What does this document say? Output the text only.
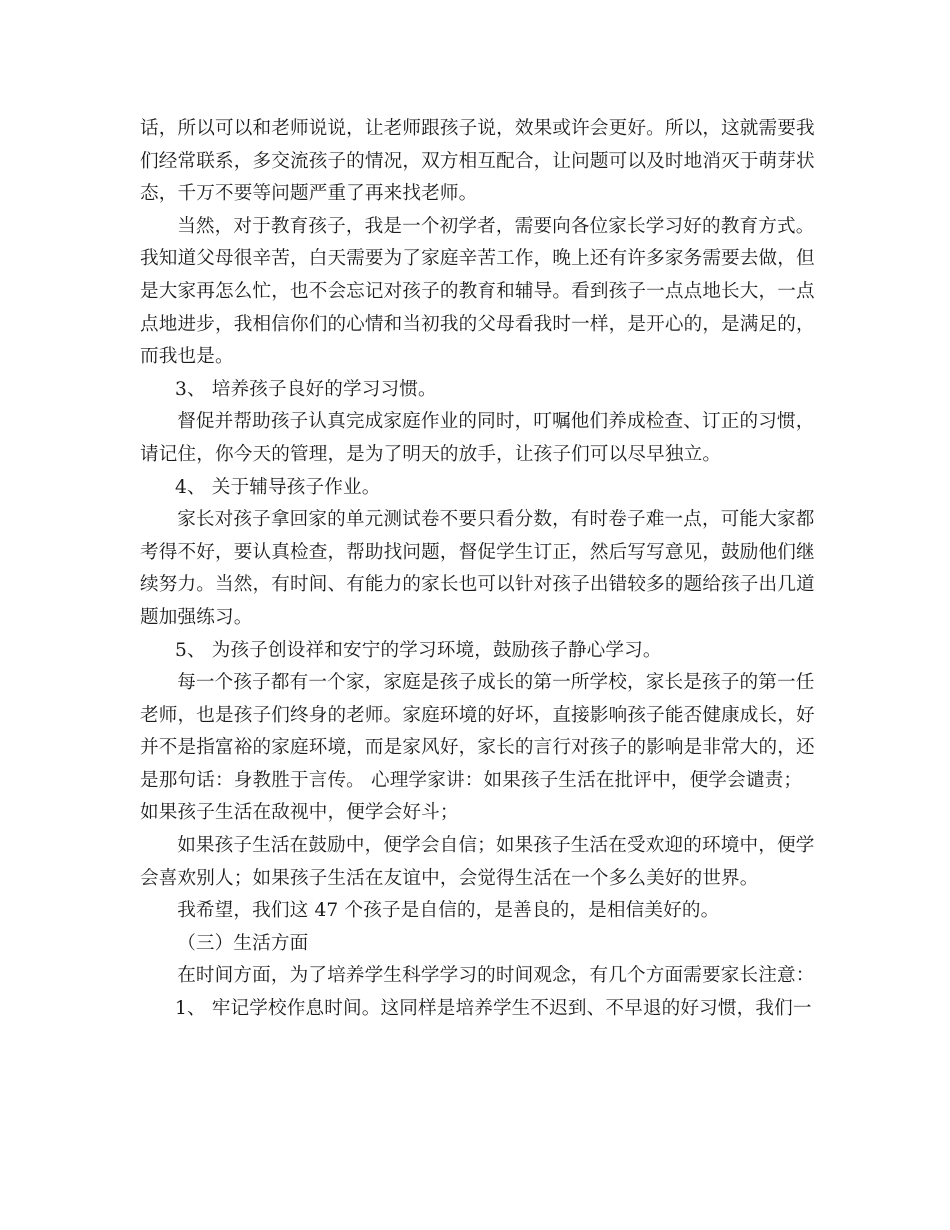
话，所以可以和老师说说，让老师跟孩子说，效果或许会更好。所以，这就需要我
们经常联系，多交流孩子的情况，双方相互配合，让问题可以及时地消灭于萌芽状
态，千万不要等问题严重了再来找老师。
当然，对于教育孩子，我是一个初学者，需要向各位家长学习好的教育方式。
我知道父母很辛苦，白天需要为了家庭辛苦工作，晚上还有许多家务需要去做，但
是大家再怎么忙，也不会忘记对孩子的教育和辅导。看到孩子一点点地长大，一点
点地进步，我相信你们的心情和当初我的父母看我时一样，是开心的，是满足的，
而我也是。
3、 培养孩子良好的学习习惯。
督促并帮助孩子认真完成家庭作业的同时，叮嘱他们养成检查、订正的习惯，
请记住，你今天的管理，是为了明天的放手，让孩子们可以尽早独立。
4、 关于辅导孩子作业。
家长对孩子拿回家的单元测试卷不要只看分数，有时卷子难一点，可能大家都
考得不好，要认真检查，帮助找问题，督促学生订正，然后写写意见，鼓励他们继
续努力。当然，有时间、有能力的家长也可以针对孩子出错较多的题给孩子出几道
题加强练习。
5、 为孩子创设祥和安宁的学习环境，鼓励孩子静心学习。
每一个孩子都有一个家，家庭是孩子成长的第一所学校，家长是孩子的第一任
老师，也是孩子们终身的老师。家庭环境的好坏，直接影响孩子能否健康成长，好
并不是指富裕的家庭环境，而是家风好，家长的言行对孩子的影响是非常大的，还
是那句话：身教胜于言传。 心理学家讲：如果孩子生活在批评中，便学会谴责；
如果孩子生活在敌视中，便学会好斗；
如果孩子生活在鼓励中，便学会自信；如果孩子生活在受欢迎的环境中，便学
会喜欢别人；如果孩子生活在友谊中，会觉得生活在一个多么美好的世界。
我希望，我们这 47 个孩子是自信的，是善良的，是相信美好的。
（三）生活方面
在时间方面，为了培养学生科学学习的时间观念，有几个方面需要家长注意：
1、 牢记学校作息时间。这同样是培养学生不迟到、不早退的好习惯，我们一
